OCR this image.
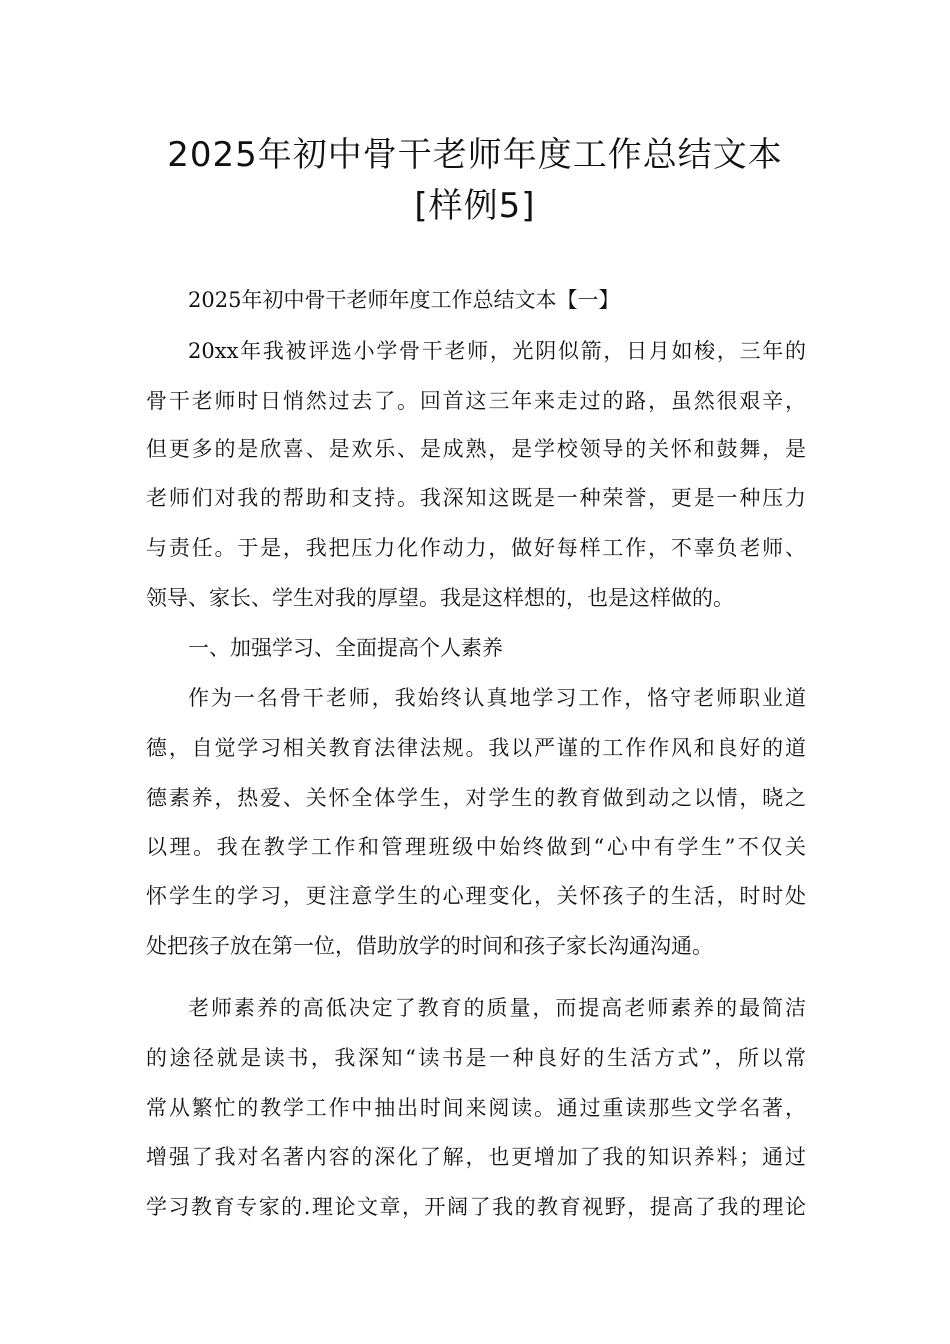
2025年初中骨干老师年度工作总结文本
[样例5]

2025年初中骨干老师年度工作总结文本【一】

20xx年我被评选小学骨干老师，光阴似箭，日月如梭，三年的

骨干老师时日悄然过去了。回首这三年来走过的路，虽然很艰辛，

但更多的是欣喜、是欢乐、是成熟，是学校领导的关怀和鼓舞，是

老师们对我的帮助和支持。我深知这既是一种荣誉，更是一种压力

与责任。于是，我把压力化作动力，做好每样工作，不辜负老师、

领导、家长、学生对我的厚望。我是这样想的，也是这样做的。

一、加强学习、全面提高个人素养

作为一名骨干老师，我始终认真地学习工作，恪守老师职业道

德，自觉学习相关教育法律法规。我以严谨的工作作风和良好的道

德素养，热爱、关怀全体学生，对学生的教育做到动之以情，晓之

以理。我在教学工作和管理班级中始终做到“心中有学生”不仅关

怀学生的学习，更注意学生的心理变化，关怀孩子的生活，时时处

处把孩子放在第一位，借助放学的时间和孩子家长沟通沟通。

老师素养的高低决定了教育的质量，而提高老师素养的最简洁

的途径就是读书，我深知“读书是一种良好的生活方式”，所以常

常从繁忙的教学工作中抽出时间来阅读。通过重读那些文学名著，

增强了我对名著内容的深化了解，也更增加了我的知识养料；通过

学习教育专家的.理论文章，开阔了我的教育视野，提高了我的理论
